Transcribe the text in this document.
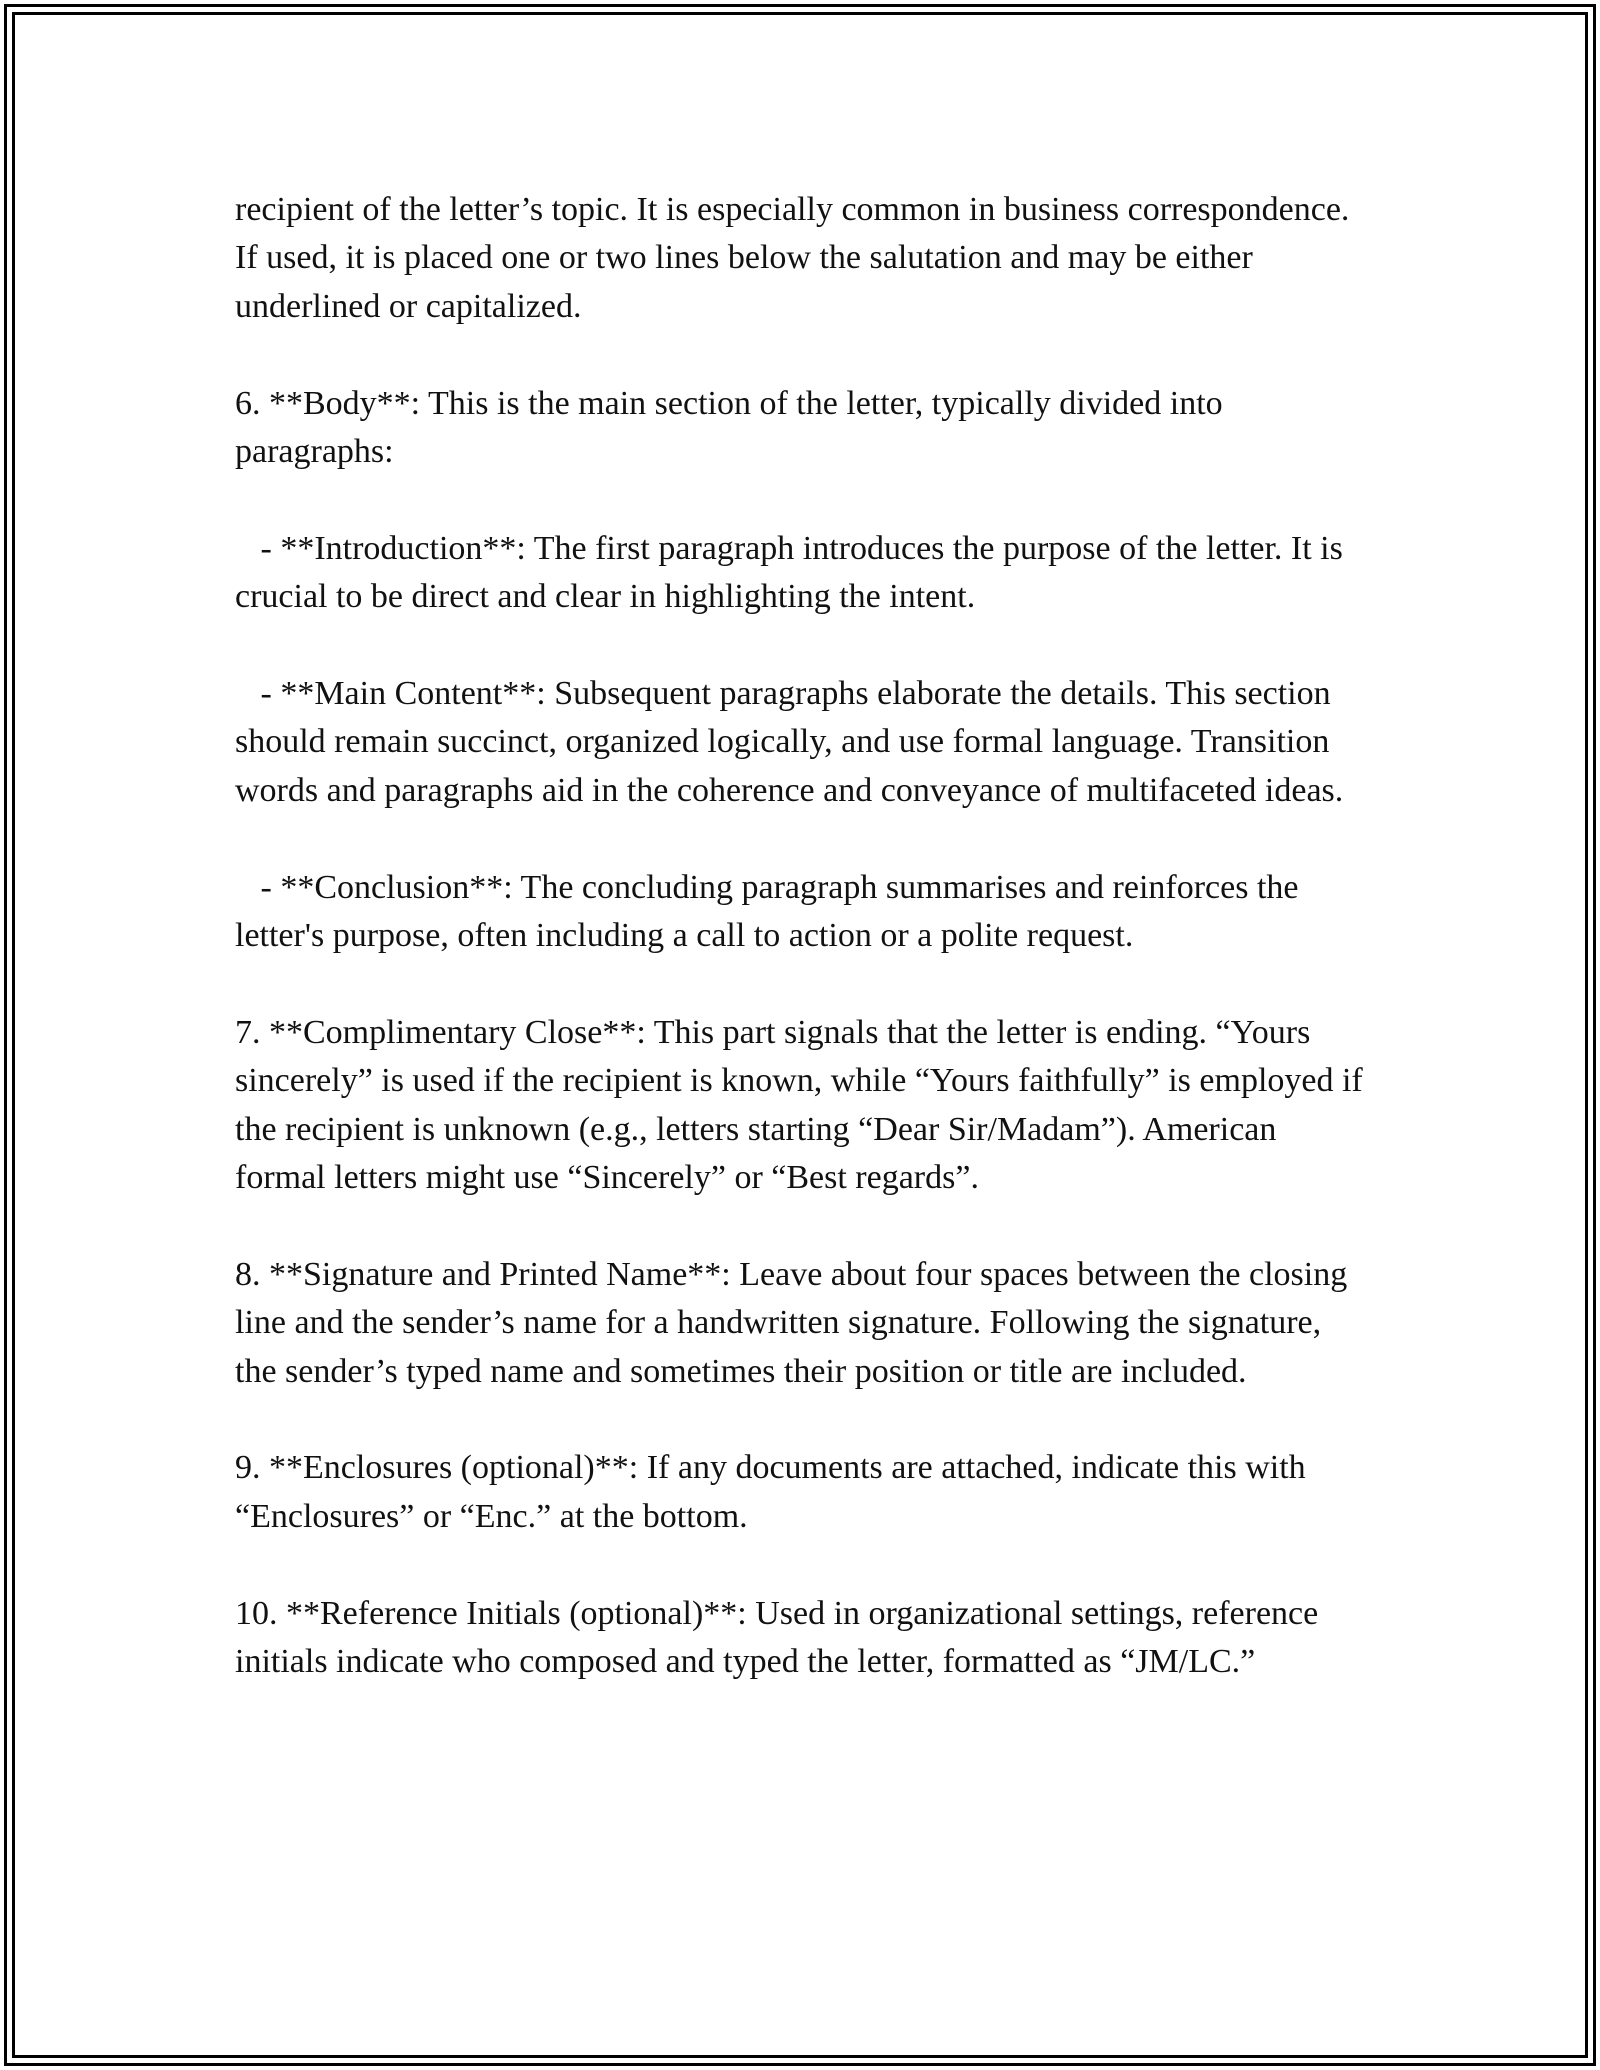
recipient of the letter’s topic. It is especially common in business correspondence. If used, it is placed one or two lines below the salutation and may be either underlined or capitalized.

6. **Body**: This is the main section of the letter, typically divided into paragraphs:

- **Introduction**: The first paragraph introduces the purpose of the letter. It is crucial to be direct and clear in highlighting the intent.

- **Main Content**: Subsequent paragraphs elaborate the details. This section should remain succinct, organized logically, and use formal language. Transition words and paragraphs aid in the coherence and conveyance of multifaceted ideas.

- **Conclusion**: The concluding paragraph summarises and reinforces the letter's purpose, often including a call to action or a polite request.

7. **Complimentary Close**: This part signals that the letter is ending. “Yours sincerely” is used if the recipient is known, while “Yours faithfully” is employed if the recipient is unknown (e.g., letters starting “Dear Sir/Madam”). American formal letters might use “Sincerely” or “Best regards”.

8. **Signature and Printed Name**: Leave about four spaces between the closing line and the sender’s name for a handwritten signature. Following the signature, the sender’s typed name and sometimes their position or title are included.

9. **Enclosures (optional)**: If any documents are attached, indicate this with “Enclosures” or “Enc.” at the bottom.

10. **Reference Initials (optional)**: Used in organizational settings, reference initials indicate who composed and typed the letter, formatted as “JM/LC.”
